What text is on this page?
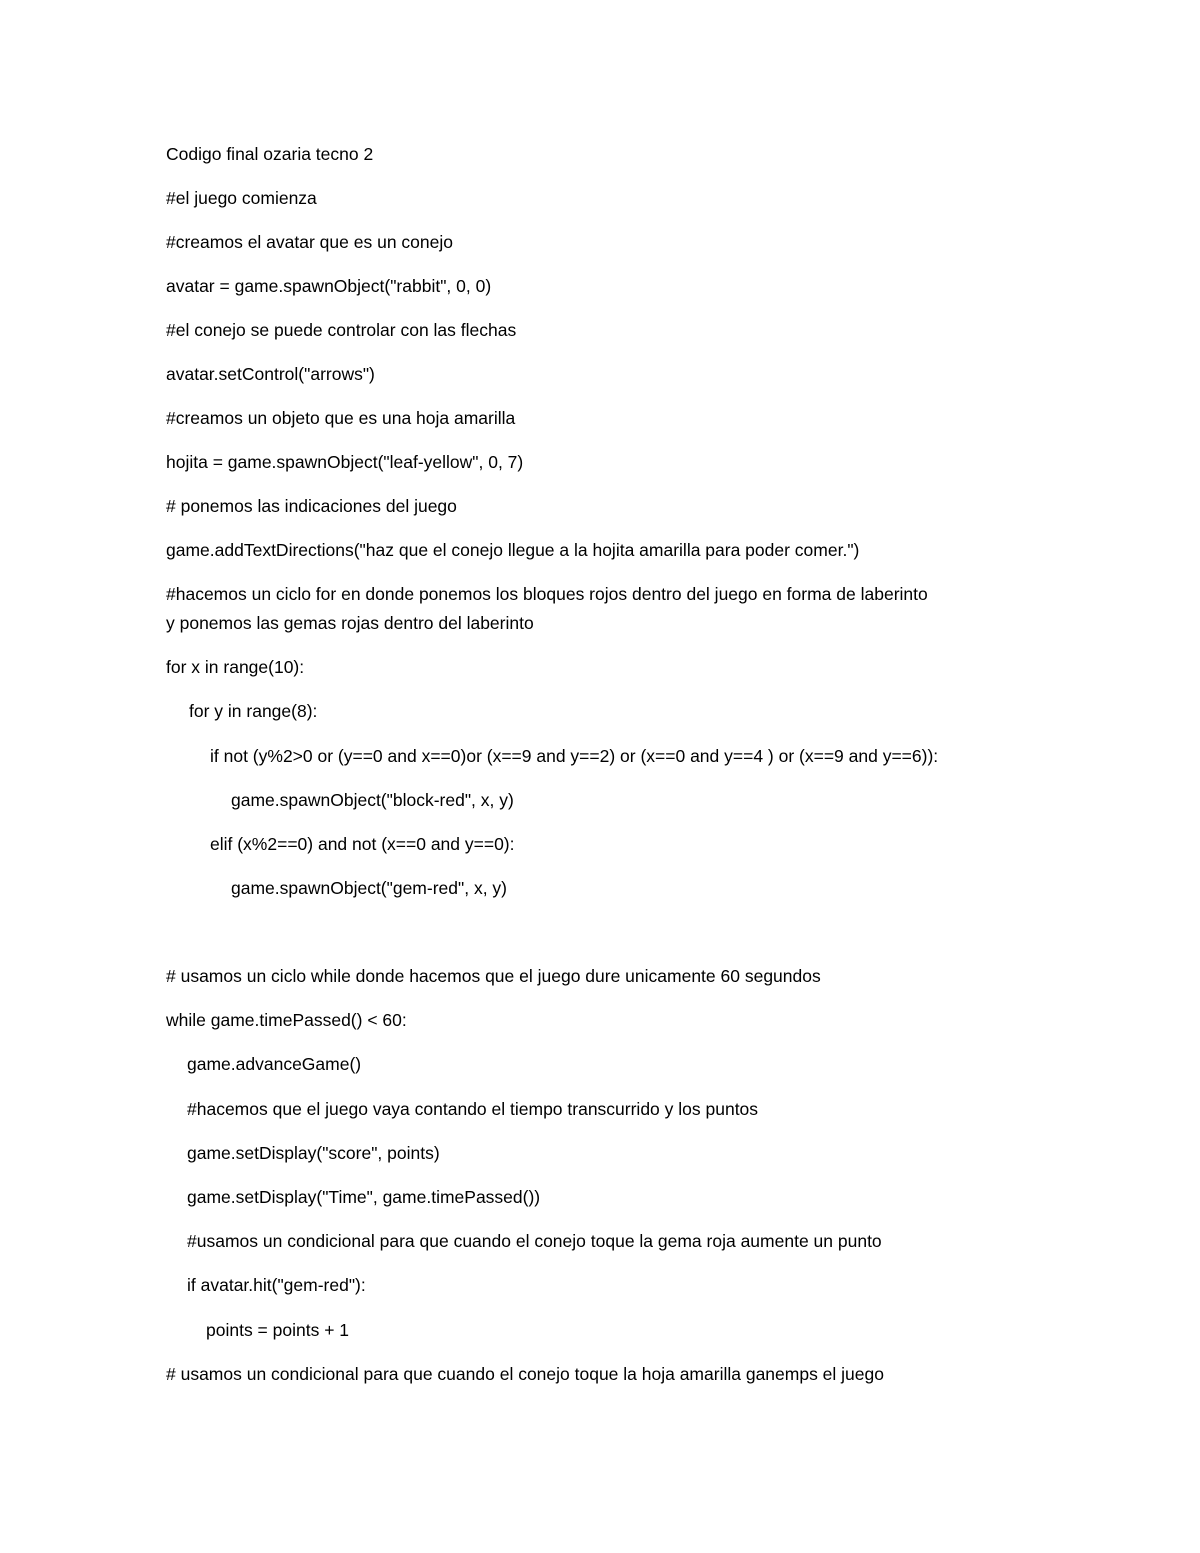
Codigo final ozaria tecno 2
#el juego comienza
#creamos el avatar que es un conejo
avatar = game.spawnObject("rabbit", 0, 0)
#el conejo se puede controlar con las flechas
avatar.setControl("arrows")
#creamos un objeto que es una hoja amarilla
hojita = game.spawnObject("leaf-yellow", 0, 7)
# ponemos las indicaciones del juego
game.addTextDirections("haz que el conejo llegue a la hojita amarilla para poder comer.")
#hacemos un ciclo for en donde ponemos los bloques rojos dentro del juego en forma de laberinto
y ponemos las gemas rojas dentro del laberinto
for x in range(10):
for y in range(8):
if not (y%2>0 or (y==0 and x==0)or (x==9 and y==2) or (x==0 and y==4 ) or (x==9 and y==6)):
game.spawnObject("block-red", x, y)
elif (x%2==0) and not (x==0 and y==0):
game.spawnObject("gem-red", x, y)
# usamos un ciclo while donde hacemos que el juego dure unicamente 60 segundos
while game.timePassed() < 60:
game.advanceGame()
#hacemos que el juego vaya contando el tiempo transcurrido y los puntos
game.setDisplay("score", points)
game.setDisplay("Time", game.timePassed())
#usamos un condicional para que cuando el conejo toque la gema roja aumente un punto
if avatar.hit("gem-red"):
points = points + 1
# usamos un condicional para que cuando el conejo toque la hoja amarilla ganemps el juego
